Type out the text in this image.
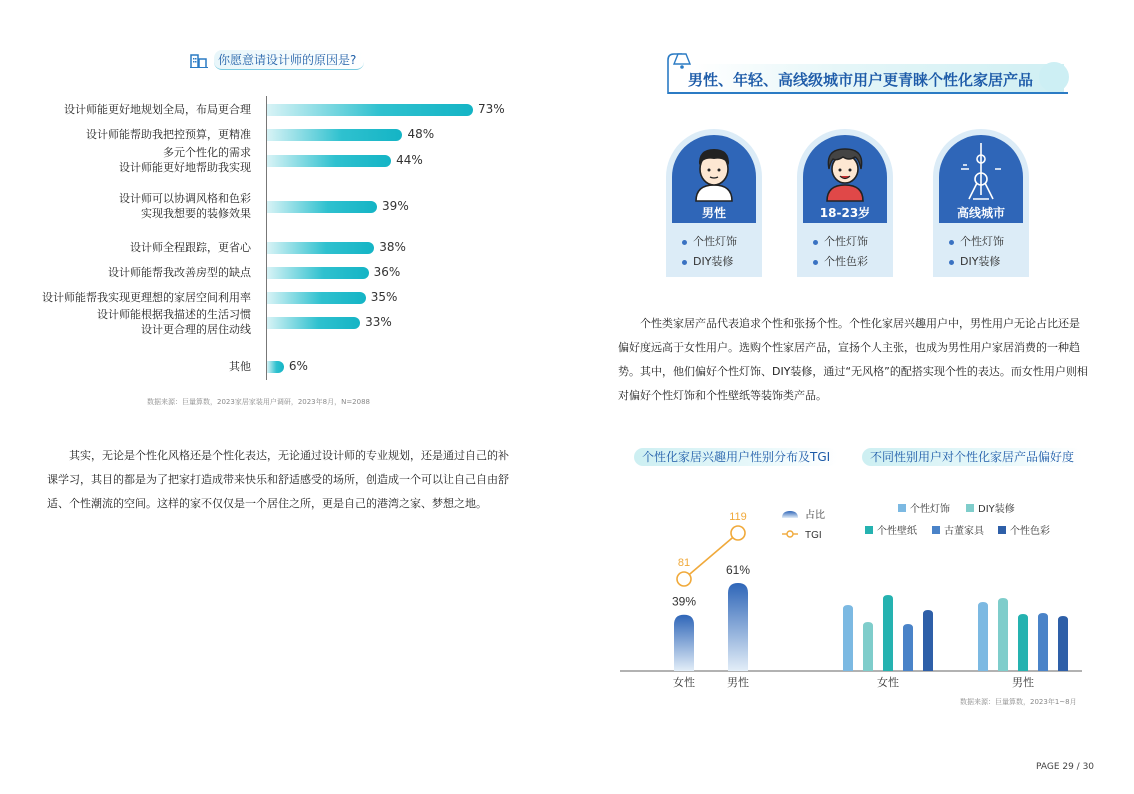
你愿意请设计师的原因是?
设计师能更好地规划全局，布局更合理	73%
设计师能帮助我把控预算，更精准	48%
多元个性化的需求
设计师能更好地帮助我实现
44%
设计师可以协调风格和色彩
实现我想要的装修效果
39%
设计师全程跟踪，更省心	38%
设计师能帮我改善房型的缺点	36%
设计师能帮我实现更理想的家居空间利用率	35%
设计师能根据我描述的生活习惯
设计更合理的居住动线
33%
其他	6%
数据来源：巨量算数，2023家居家装用户调研，2023年8月，N=2088
其实，无论是个性化风格还是个性化表达，无论通过设计师的专业规划，还是通过自己的补课学习，其目的都是为了把家打造成带来快乐和舒适感受的场所，创造成一个可以让自己自由舒适、个性潮流的空间。这样的家不仅仅是一个居住之所，更是自己的港湾之家、梦想之地。
男性、年轻、高线级城市用户更青睐个性化家居产品
男性
个性灯饰
DIY装修
18-23岁
个性灯饰
个性色彩
高线城市
个性灯饰
DIY装修
个性类家居产品代表追求个性和张扬个性。个性化家居兴趣用户中，男性用户无论占比还是偏好度远高于女性用户。选购个性家居产品，宣扬个人主张，也成为男性用户家居消费的一种趋势。其中，他们偏好个性灯饰、DIY装修，通过“无风格”的配搭实现个性的表达。而女性用户则相对偏好个性灯饰和个性壁纸等装饰类产品。
个性化家居兴趣用户性别分布及TGI	不同性别用户对个性化家居产品偏好度
占比
TGI
个性灯饰	DIY装修
个性壁纸	古董家具	个性色彩
39%
女性
61%
男性
81
119
女性	男性
数据来源：巨量算数，2023年1~8月
PAGE 29 / 30
